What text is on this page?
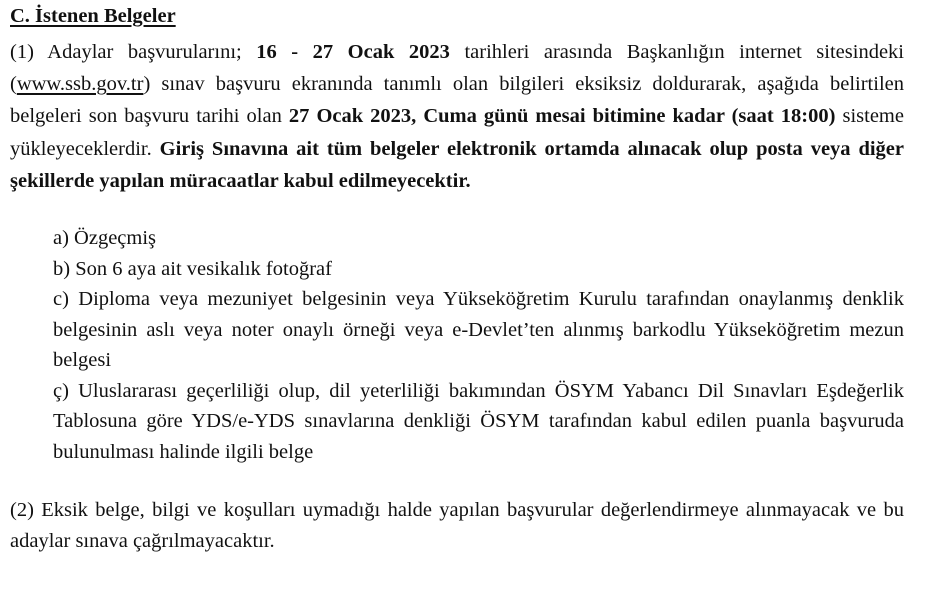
C. İstenen Belgeler

(1) Adaylar başvurularını; 16 - 27 Ocak 2023 tarihleri arasında Başkanlığın internet sitesindeki (www.ssb.gov.tr) sınav başvuru ekranında tanımlı olan bilgileri eksiksiz doldurarak, aşağıda belirtilen belgeleri son başvuru tarihi olan 27 Ocak 2023, Cuma günü mesai bitimine kadar (saat 18:00) sisteme yükleyeceklerdir. Giriş Sınavına ait tüm belgeler elektronik ortamda alınacak olup posta veya diğer şekillerde yapılan müracaatlar kabul edilmeyecektir.

a) Özgeçmiş
b) Son 6 aya ait vesikalık fotoğraf
c) Diploma veya mezuniyet belgesinin veya Yükseköğretim Kurulu tarafından onaylanmış denklik belgesinin aslı veya noter onaylı örneği veya e-Devlet’ten alınmış barkodlu Yükseköğretim mezun belgesi
ç) Uluslararası geçerliliği olup, dil yeterliliği bakımından ÖSYM Yabancı Dil Sınavları Eşdeğerlik Tablosuna göre YDS/e-YDS sınavlarına denkliği ÖSYM tarafından kabul edilen puanla başvuruda bulunulması halinde ilgili belge

(2) Eksik belge, bilgi ve koşulları uymadığı halde yapılan başvurular değerlendirmeye alınmayacak ve bu adaylar sınava çağrılmayacaktır.
